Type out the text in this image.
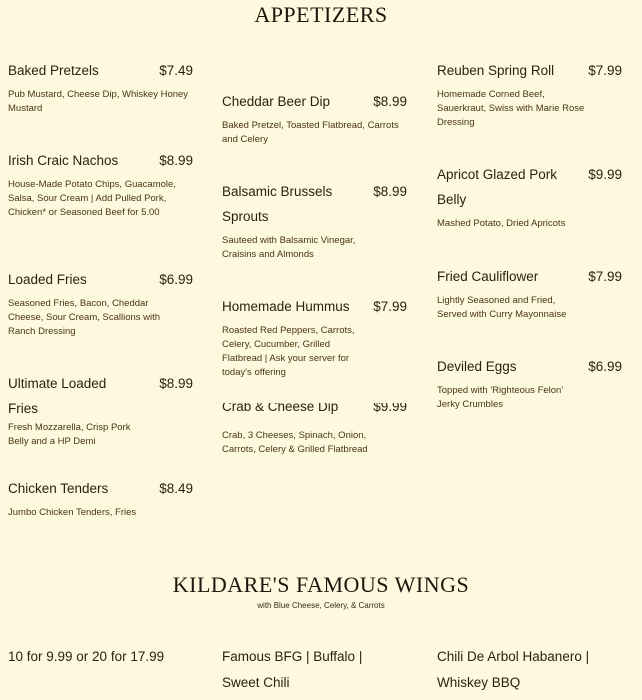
APPETIZERS
Baked Pretzels	$7.49
Pub Mustard, Cheese Dip, Whiskey Honey Mustard
Irish Craic Nachos	$8.99
House-Made Potato Chips, Guacamole, Salsa, Sour Cream | Add Pulled Pork, Chicken* or Seasoned Beef for 5.00
Loaded Fries	$6.99
Seasoned Fries, Bacon, Cheddar Cheese, Sour Cream, Scallions with Ranch Dressing
Ultimate Loaded Fries
$8.99
Fresh Mozzarella, Crisp Pork Belly and a HP Demi
Chicken Tenders	$8.49
Jumbo Chicken Tenders, Fries
Cheddar Beer Dip	$8.99
Baked Pretzel, Toasted Flatbread, Carrots and Celery
Balsamic Brussels Sprouts
$8.99
Sauteed with Balsamic Vinegar, Craisins and Almonds
Homemade Hummus $7.99
Roasted Red Peppers, Carrots, Celery, Cucumber, Grilled Flatbread | Ask your server for today's offering
Crab & Cheese Dip	$9.99
Crab, 3 Cheeses, Spinach, Onion, Carrots, Celery & Grilled Flatbread
Reuben Spring Roll	$7.99
Homemade Corned Beef, Sauerkraut, Swiss with Marie Rose Dressing
Apricot Glazed Pork Belly
$9.99
Mashed Potato, Dried Apricots
Fried Cauliflower	$7.99
Lightly Seasoned and Fried, Served with Curry Mayonnaise
Deviled Eggs	$6.99
Topped with 'Righteous Felon' Jerky Crumbles
KILDARE'S FAMOUS WINGS
with Blue Cheese, Celery, & Carrots
10 for 9.99 or 20 for 17.99	Famous BFG | Buffalo | Sweet Chili
Chili De Arbol Habanero | Whiskey BBQ
